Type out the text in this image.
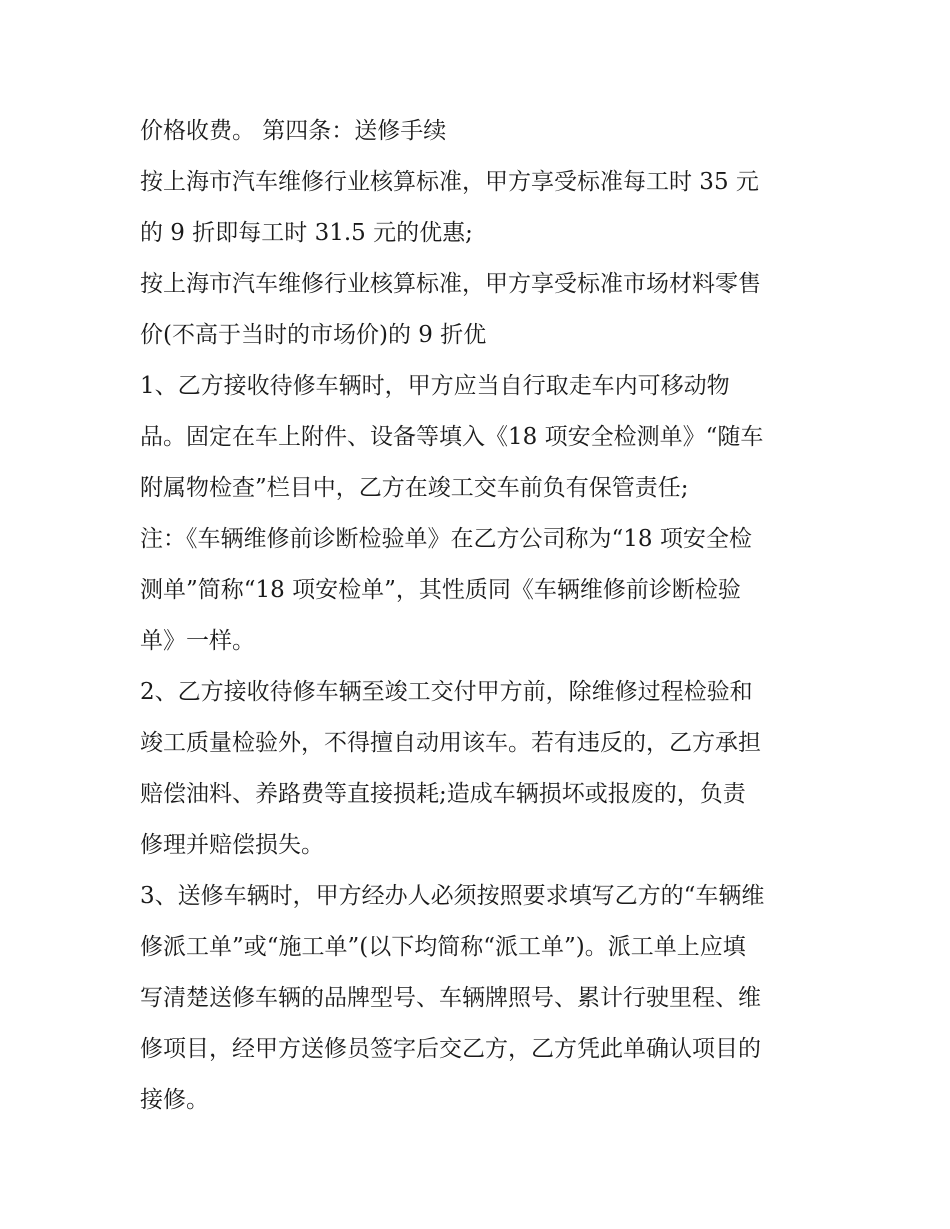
价格收费。 第四条：送修手续
按上海市汽车维修行业核算标准，甲方享受标准每工时 35 元
的 9 折即每工时 31.5 元的优惠;
按上海市汽车维修行业核算标准，甲方享受标准市场材料零售
价(不高于当时的市场价)的 9 折优
1、乙方接收待修车辆时，甲方应当自行取走车内可移动物
品。固定在车上附件、设备等填入《18 项安全检测单》“随车
附属物检查”栏目中，乙方在竣工交车前负有保管责任;
注：《车辆维修前诊断检验单》在乙方公司称为“18 项安全检
测单”简称“18 项安检单”，其性质同《车辆维修前诊断检验
单》一样。
2、乙方接收待修车辆至竣工交付甲方前，除维修过程检验和
竣工质量检验外，不得擅自动用该车。若有违反的，乙方承担
赔偿油料、养路费等直接损耗;造成车辆损坏或报废的，负责
修理并赔偿损失。
3、送修车辆时，甲方经办人必须按照要求填写乙方的“车辆维
修派工单”或“施工单”(以下均简称“派工单”)。派工单上应填
写清楚送修车辆的品牌型号、车辆牌照号、累计行驶里程、维
修项目，经甲方送修员签字后交乙方，乙方凭此单确认项目的
接修。
